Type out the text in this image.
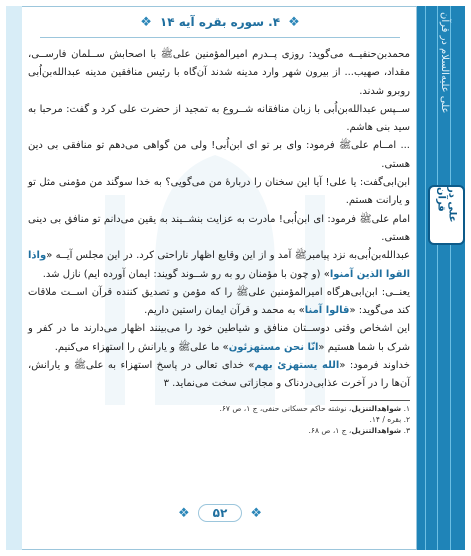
علی علیه‌السلام در قرآن
علی در قرآن
❖ ۴. سوره بقره آیه ۱۴ ❖

محمدبن‌حنفیــه می‌گوید: روزی پــدرم امیرالمؤمنین علی‌ﷺ با اصحابش ســلمان فارســی، مقداد، صهیب... از بیرون شهر وارد مدینه شدند آن‌گاه با رئیس منافقین مدینه عبدالله‌بن‌اُبی روبرو شدند.

ســپس عبدالله‌بن‌اُبی با زبان منافقانه شــروع به تمجید از حضرت علی کرد و گفت: مرحبا به سید بنی هاشم.

... امــام علی‌ﷺ فرمود: وای بر تو ای ابن‌اُبی! ولی من گواهی می‌دهم تو منافقی بی دین هستی.

ابن‌ابی‌گفت: یا علی! آیا این سخنان را دربارهٔ من می‌گویی؟ به خدا سوگند من مؤمنی مثل تو و یارانت هستم.

امام علی‌ﷺ فرمود: ای ابن‌اُبی! مادرت به عزایت بنشــیند به یقین می‌دانم تو منافق بی دینی هستی.

عبدالله‌بن‌اُبی‌به نزد پیامبر‌ﷺ آمد و از این وقایع اظهار ناراحتی کرد. در این مجلس آیــه «واذا القوا الذین آمنوا» (و چون با مؤمنان رو به رو شــوند گویند: ایمان آورده ایم) نازل شد.

یعنــی: ابن‌ابی‌هرگاه امیرالمؤمنین علی‌ﷺ را که مؤمن و تصدیق کننده قرآن اســت ملاقات کند می‌گوید: «قالوا آمنا» به محمد و قرآن ایمان راستین داریم.

این اشخاص وقتی دوســتان منافق و شیاطین خود را می‌بینند اظهار می‌دارند ما در کفر و شرک با شما هستیم «انّا نحن مستهزئون» ما علی‌ﷺ و یارانش را استهزاء می‌کنیم.

خداوند فرمود: «الله یستهزئ بهم» خدای تعالی در پاسخ استهزاء به علی‌ﷺ و یارانش، آن‌ها را در آخرت عذابی‌دردناک و مجازاتی سخت می‌نماید. ۳

۱. شواهدالتنزیل، نوشته حاکم حسکانی حنفی، ج ۱، ص ۶۷.
۲. بقره / ۱۴.
۳. شواهدالتنزیل، ج ۱، ص ۶۸.
❖	۵۲	❖
